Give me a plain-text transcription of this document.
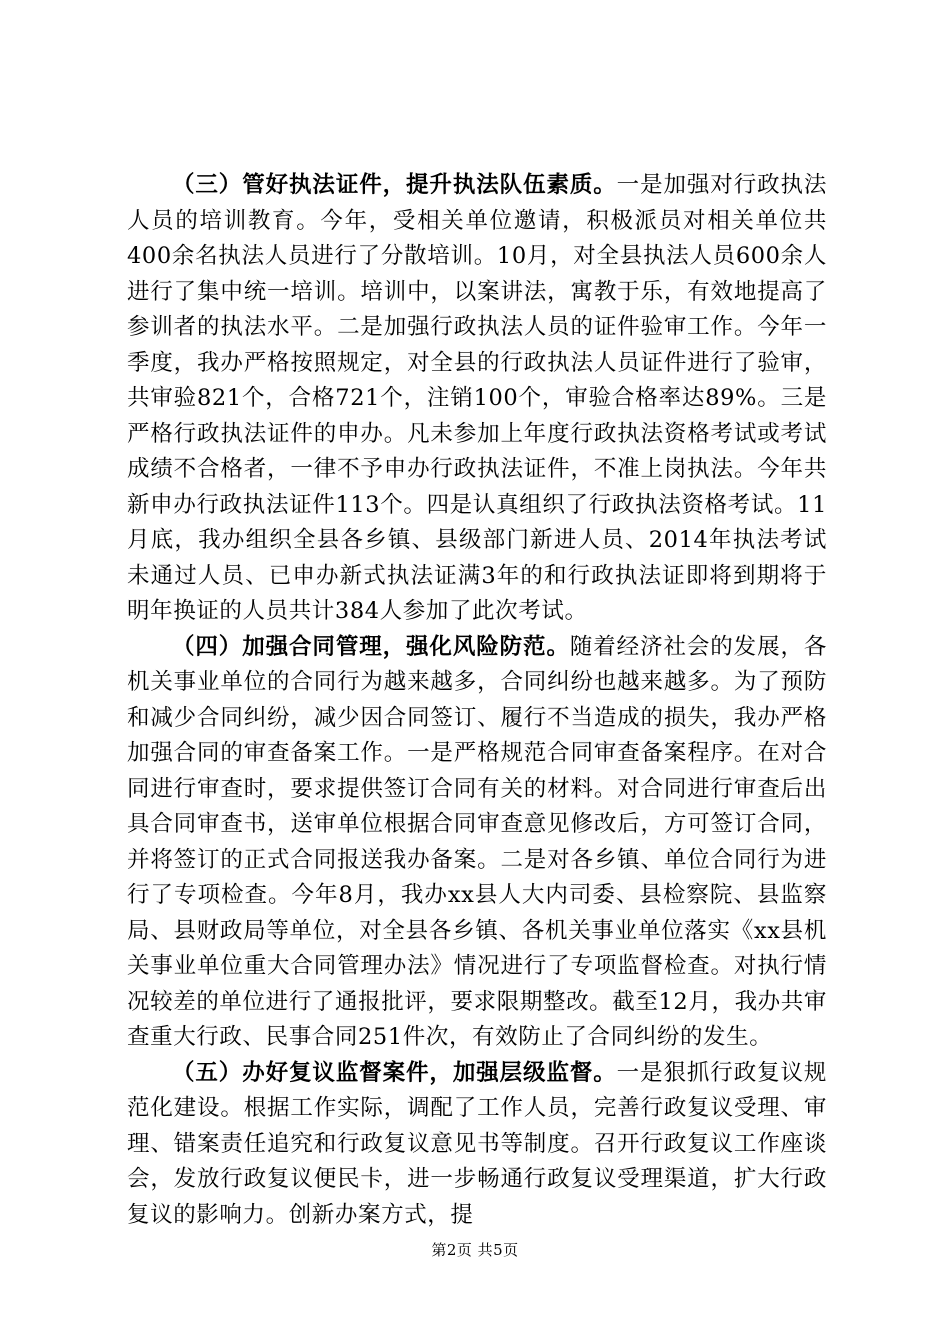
（三）管好执法证件，提升执法队伍素质。一是加强对行政执法人员的培训教育。今年，受相关单位邀请，积极派员对相关单位共400余名执法人员进行了分散培训。10月，对全县执法人员600余人进行了集中统一培训。培训中，以案讲法，寓教于乐，有效地提高了参训者的执法水平。二是加强行政执法人员的证件验审工作。今年一季度，我办严格按照规定，对全县的行政执法人员证件进行了验审，共审验821个，合格721个，注销100个，审验合格率达89%。三是严格行政执法证件的申办。凡未参加上年度行政执法资格考试或考试成绩不合格者，一律不予申办行政执法证件，不准上岗执法。今年共新申办行政执法证件113个。四是认真组织了行政执法资格考试。11月底，我办组织全县各乡镇、县级部门新进人员、2014年执法考试未通过人员、已申办新式执法证满3年的和行政执法证即将到期将于明年换证的人员共计384人参加了此次考试。

（四）加强合同管理，强化风险防范。随着经济社会的发展，各机关事业单位的合同行为越来越多，合同纠纷也越来越多。为了预防和减少合同纠纷，减少因合同签订、履行不当造成的损失，我办严格加强合同的审查备案工作。一是严格规范合同审查备案程序。在对合同进行审查时，要求提供签订合同有关的材料。对合同进行审查后出具合同审查书，送审单位根据合同审查意见修改后，方可签订合同，并将签订的正式合同报送我办备案。二是对各乡镇、单位合同行为进行了专项检查。今年8月，我办xx县人大内司委、县检察院、县监察局、县财政局等单位，对全县各乡镇、各机关事业单位落实《xx县机关事业单位重大合同管理办法》情况进行了专项监督检查。对执行情况较差的单位进行了通报批评，要求限期整改。截至12月，我办共审查重大行政、民事合同251件次，有效防止了合同纠纷的发生。

（五）办好复议监督案件，加强层级监督。一是狠抓行政复议规范化建设。根据工作实际，调配了工作人员，完善行政复议受理、审理、错案责任追究和行政复议意见书等制度。召开行政复议工作座谈会，发放行政复议便民卡，进一步畅通行政复议受理渠道，扩大行政复议的影响力。创新办案方式，提

第2页 共5页
